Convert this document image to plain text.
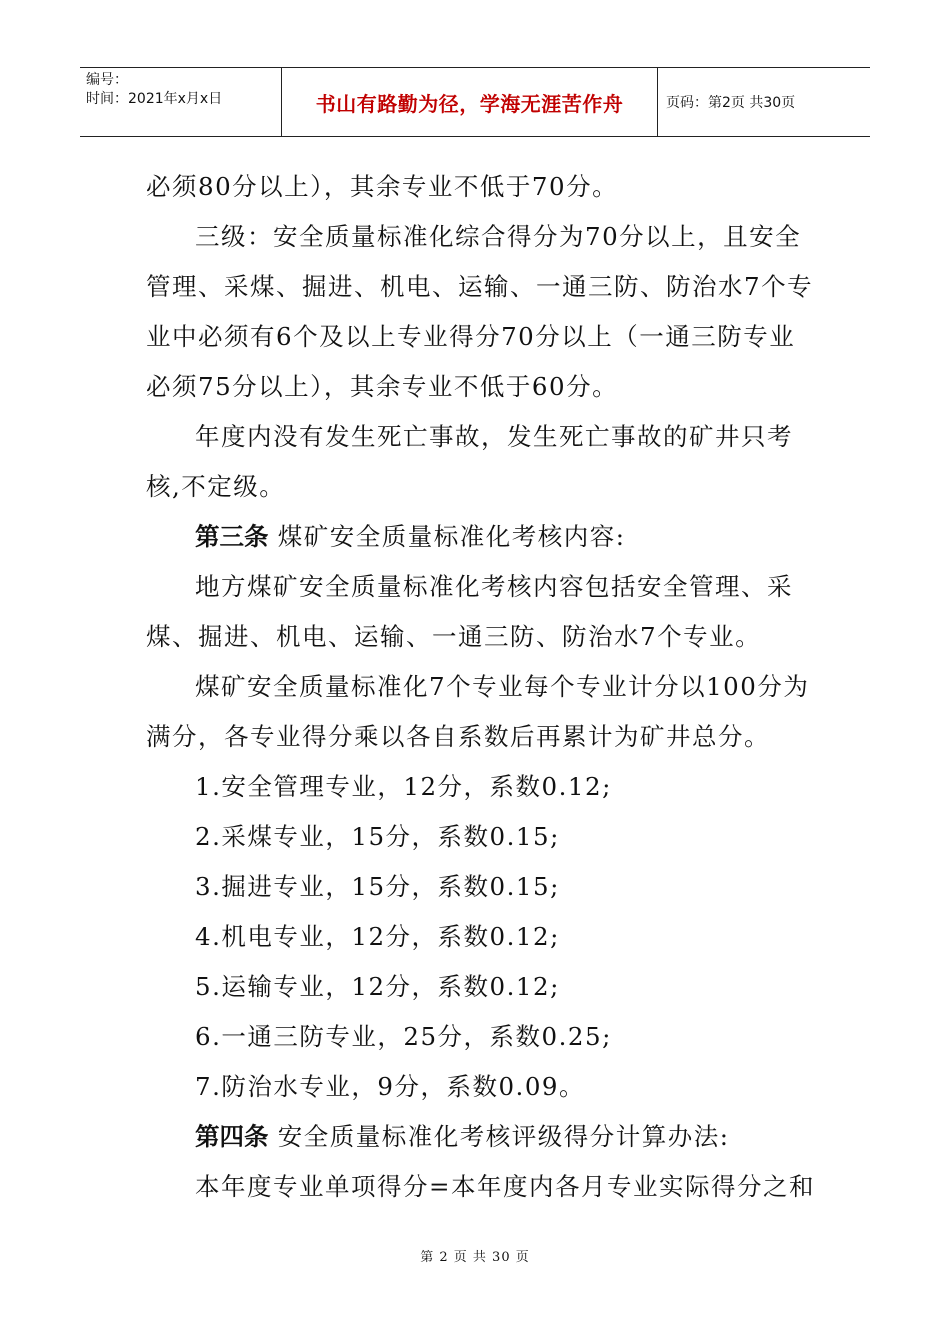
编号：
时间：2021年x月x日	书山有路勤为径，学海无涯苦作舟	页码：第2页 共30页
必须80分以上），其余专业不低于70分。
三级：安全质量标准化综合得分为70分以上，且安全
管理、采煤、掘进、机电、运输、一通三防、防治水7个专
业中必须有6个及以上专业得分70分以上（一通三防专业
必须75分以上），其余专业不低于60分。
年度内没有发生死亡事故，发生死亡事故的矿井只考
核,不定级。
第三条 煤矿安全质量标准化考核内容:
地方煤矿安全质量标准化考核内容包括安全管理、采
煤、掘进、机电、运输、一通三防、防治水7个专业。
煤矿安全质量标准化7个专业每个专业计分以100分为
满分，各专业得分乘以各自系数后再累计为矿井总分。
1.安全管理专业，12分，系数0.12;
2.采煤专业，15分，系数0.15;
3.掘进专业，15分，系数0.15;
4.机电专业，12分，系数0.12;
5.运输专业，12分，系数0.12;
6.一通三防专业，25分，系数0.25;
7.防治水专业，9分，系数0.09。
第四条 安全质量标准化考核评级得分计算办法:
本年度专业单项得分=本年度内各月专业实际得分之和
第 2 页 共 30 页
